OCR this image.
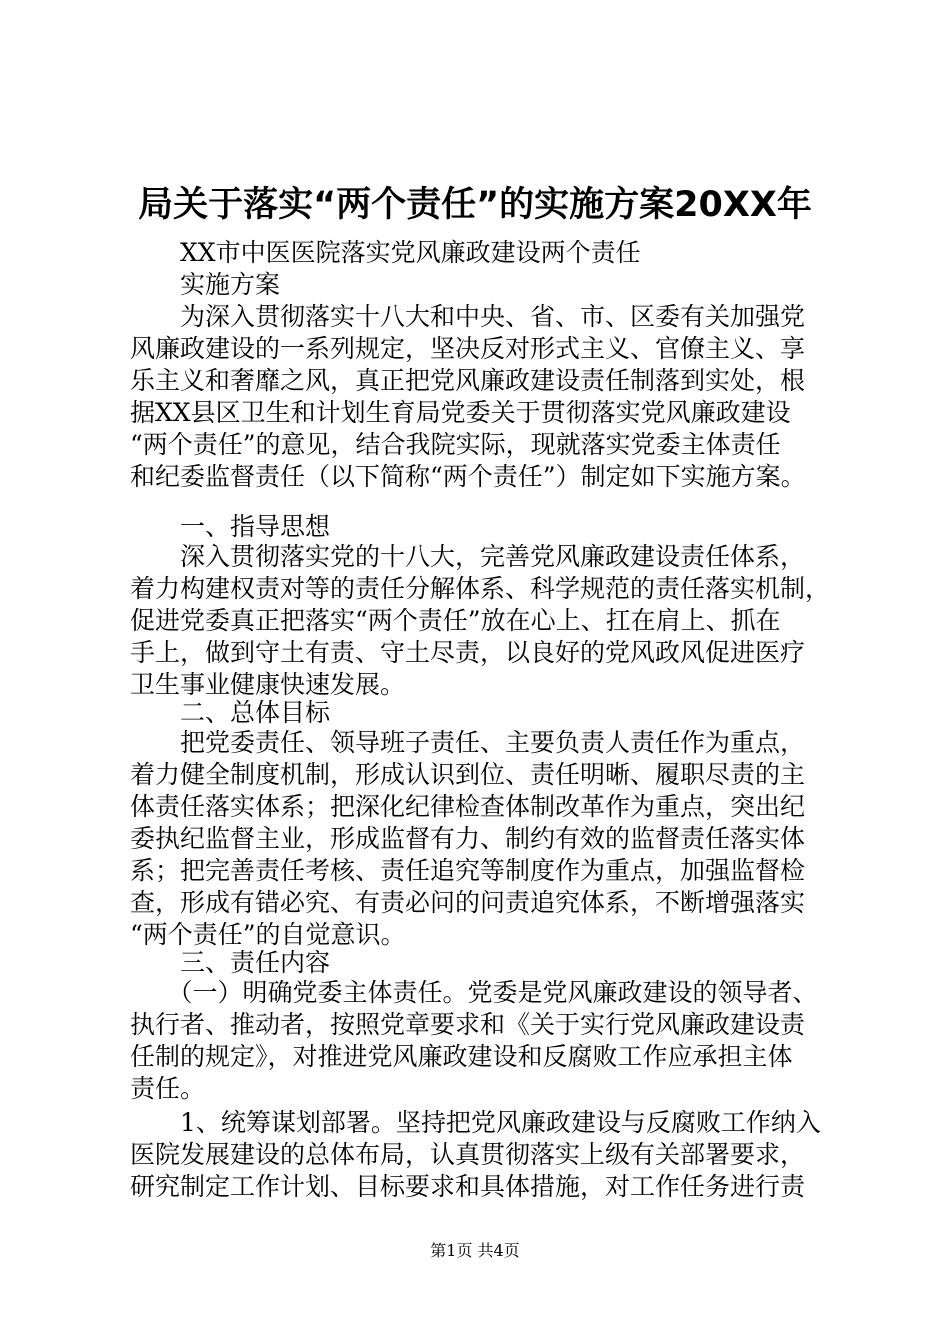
局关于落实“两个责任”的实施方案20XX年

　　XX市中医医院落实党风廉政建设两个责任

　　实施方案

　　为深入贯彻落实十八大和中央、省、市、区委有关加强党

风廉政建设的一系列规定，坚决反对形式主义、官僚主义、享

乐主义和奢靡之风，真正把党风廉政建设责任制落到实处，根

据XX县区卫生和计划生育局党委关于贯彻落实党风廉政建设

“两个责任”的意见，结合我院实际，现就落实党委主体责任

和纪委监督责任（以下简称“两个责任”）制定如下实施方案。

　　一、指导思想

　　深入贯彻落实党的十八大，完善党风廉政建设责任体系，

着力构建权责对等的责任分解体系、科学规范的责任落实机制，

促进党委真正把落实“两个责任”放在心上、扛在肩上、抓在

手上，做到守土有责、守土尽责，以良好的党风政风促进医疗

卫生事业健康快速发展。

　　二、总体目标

　　把党委责任、领导班子责任、主要负责人责任作为重点，

着力健全制度机制，形成认识到位、责任明晰、履职尽责的主

体责任落实体系；把深化纪律检查体制改革作为重点，突出纪

委执纪监督主业，形成监督有力、制约有效的监督责任落实体

系；把完善责任考核、责任追究等制度作为重点，加强监督检

查，形成有错必究、有责必问的问责追究体系，不断增强落实

“两个责任”的自觉意识。

　　三、责任内容

　　（一）明确党委主体责任。党委是党风廉政建设的领导者、

执行者、推动者，按照党章要求和《关于实行党风廉政建设责

任制的规定》，对推进党风廉政建设和反腐败工作应承担主体

责任。

　　1、统筹谋划部署。坚持把党风廉政建设与反腐败工作纳入

医院发展建设的总体布局，认真贯彻落实上级有关部署要求，

研究制定工作计划、目标要求和具体措施，对工作任务进行责

第1页 共4页
